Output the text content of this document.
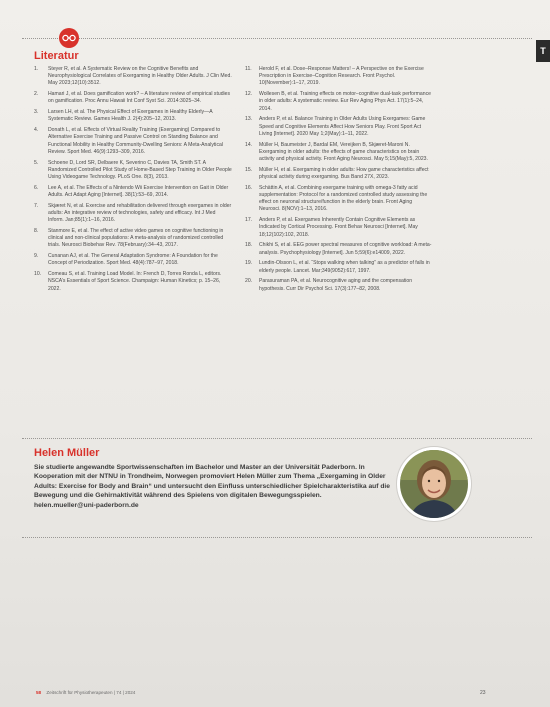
T
Literatur
1. Steyer R, et al. A Systematic Review on the Cognitive Benefits and Neurophysiological Correlates of Exergaming in Healthy Older Adults. J Clin Med. May 2023;12(10):3512.
2. Hamari J, et al. Does gamification work? – A literature review of empirical studies on gamification. Proc Annu Hawaii Int Conf Syst Sci. 2014:3025–34.
3. Larsen LH, et al. The Physical Effect of Exergames in Healthy Elderly—A Systematic Review. Games Health J. 2(4):205–12, 2013.
4. Donath L, et al. Effects of Virtual Reality Training (Exergaming) Compared to Alternative Exercise Training and Passive Control on Standing Balance and Functional Mobility in Healthy Community-Dwelling Seniors: A Meta-Analytical Review. Sport Med. 46(9):1293–309, 2016.
5. Schoene D, Lord SR, Delbaere K, Severino C, Davies TA, Smith ST. A Randomized Controlled Pilot Study of Home-Based Step Training in Older People Using Videogame Technology. PLoS One. 8(3), 2013.
6. Lee A, et al. The Effects of a Nintendo Wii Exercise Intervention on Gait in Older Adults. Act Adapt Aging [Internet]. 38(1):53–69, 2014.
7. Skjæret N, et al. Exercise and rehabilitation delivered through exergames in older adults: An integrative review of technologies, safety and efficacy. Int J Med Inform. Jan;85(1):1–16, 2016.
8. Stanmore E, et al. The effect of active video games on cognitive functioning in clinical and non-clinical populations: A meta-analysis of randomized controlled trials. Neurosci Biobehav Rev. 78(February):34–43, 2017.
9. Cunanan AJ, et al. The General Adaptation Syndrome: A Foundation for the Concept of Periodization. Sport Med. 48(4):787–97, 2018.
10. Comeau S, et al. Training Load Model. In: French D, Torres Ronda L, editors. NSCA’s Essentials of Sport Science. Champaign: Human Kinetics; p. 15–26, 2022.
11. Herold F, et al. Dose–Response Matters! – A Perspective on the Exercise Prescription in Exercise–Cognition Research. Front Psychol. 10(November):1–17, 2019.
12. Wollesen B, et al. Training effects on motor–cognitive dual-task performance in older adults: A systematic review. Eur Rev Aging Phys Act. 17(1):5–24, 2014.
13. Anders P, et al. Balance Training in Older Adults Using Exergames: Game Speed and Cognitive Elements Affect How Seniors Play. Front Sport Act Living [Internet]. 2020 May 1;2(May):1–11, 2022.
14. Müller H, Baumeister J, Bardal EM, Vereijken B, Skjæret-Maroni N. Exergaming in older adults: the effects of game characteristics on brain activity and physical activity. Front Aging Neurosci. May 5;15(May):5, 2023.
15. Müller H, et al. Exergaming in older adults: How game characteristics affect physical activity during exergaming. Bus Band 27X, 2023.
16. Schättin A, et al. Combining exergame training with omega-3 fatty acid supplementation: Protocol for a randomized controlled study assessing the effect on neuronal structure/function in the elderly brain. Front Aging Neurosci. 8(NOV):1–13, 2016.
17. Anders P, et al. Exergames Inherently Contain Cognitive Elements as Indicated by Cortical Processing. Front Behav Neurosci [Internet]. May 18;12(102):102, 2018.
18. Chikhi S, et al. EEG power spectral measures of cognitive workload: A meta-analysis. Psychophysiology [Internet]. Jun 5;59(6):e14009, 2022.
19. Lundin-Olsson L, et al. “Stops walking when talking” as a predictor of falls in elderly people. Lancet. Mar;349(9052):617, 1997.
20. Parasuraman PA, et al. Neurocognitive aging and the compensation hypothesis. Curr Dir Psychol Sci. 17(3):177–82, 2008.
Helen Müller

Sie studierte angewandte Sportwissenschaften im Bachelor und Master an der Universität Paderborn. In Kooperation mit der NTNU in Trondheim, Norwegen promoviert Helen Müller zum Thema „Exergaming in Older Adults: Exercise for Body and Brain“ und untersucht den Einfluss unterschiedlicher Spielcharakteristika auf die Bewegung und die Gehirnaktivität während des Spielens von digitalen Bewegungsspielen.

helen.mueller@uni-paderborn.de

58 Zeitschrift für Physiotherapeuten | 74 | 2024	23
